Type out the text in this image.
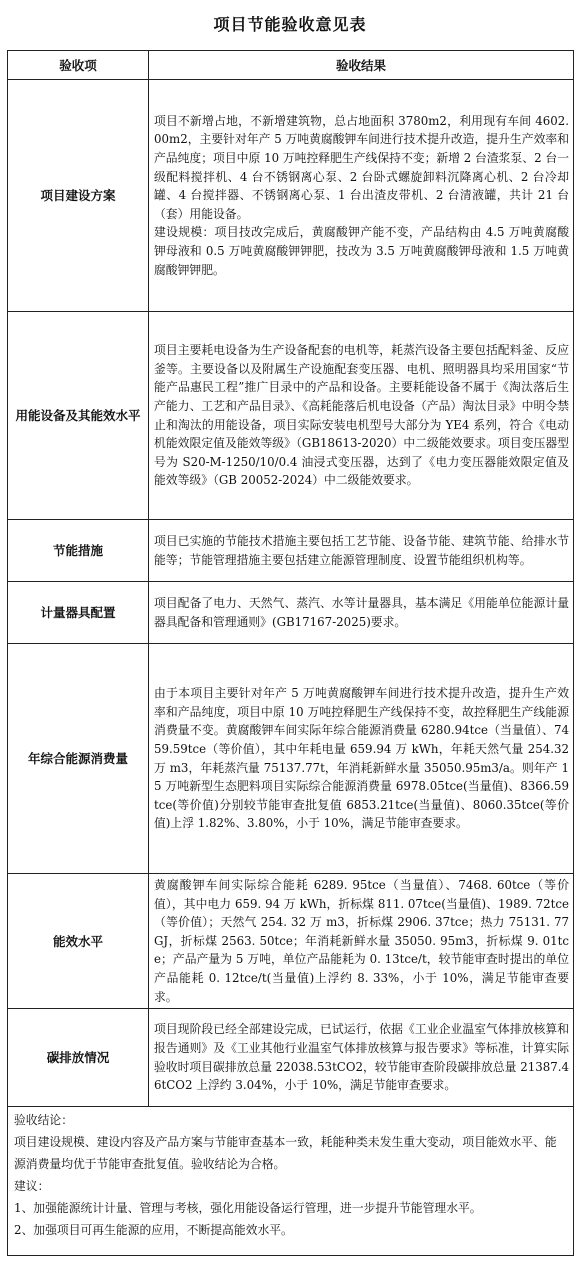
项目节能验收意见表
验收项	验收结果
项目建设方案	项目不新增占地，不新增建筑物，总占地面积 3780m2，利用现有车间 4602.00m2，主要针对年产 5 万吨黄腐酸钾车间进行技术提升改造，提升生产效率和产品纯度；项目中原 10 万吨控释肥生产线保持不变；新增 2 台渣浆泵、2 台一级配料搅拌机、4 台不锈钢离心泵、2 台卧式螺旋卸料沉降离心机、2 台冷却罐、4 台搅拌器、不锈钢离心泵、1 台出渣皮带机、2 台清液罐，共计 21 台（套）用能设备。

建设规模：项目技改完成后，黄腐酸钾产能不变，产品结构由 4.5 万吨黄腐酸钾母液和 0.5 万吨黄腐酸钾钾肥，技改为 3.5 万吨黄腐酸钾母液和 1.5 万吨黄腐酸钾钾肥。

用能设备及其能效水平	项目主要耗电设备为生产设备配套的电机等，耗蒸汽设备主要包括配料釜、反应釜等。主要设备以及附属生产设施配套变压器、电机、照明器具均采用国家“节能产品惠民工程”推广目录中的产品和设备。主要耗能设备不属于《淘汰落后生产能力、工艺和产品目录》、《高耗能落后机电设备（产品）淘汰目录》中明令禁止和淘汰的用能设备，项目实际安装电机型号大部分为 YE4 系列，符合《电动机能效限定值及能效等级》（GB18613-2020）中二级能效要求。项目变压器型号为 S20-M-1250/10/0.4 油浸式变压器，达到了《电力变压器能效限定值及能效等级》（GB 20052-2024）中二级能效要求。

节能措施	项目已实施的节能技术措施主要包括工艺节能、设备节能、建筑节能、给排水节能等；节能管理措施主要包括建立能源管理制度、设置节能组织机构等。

计量器具配置	项目配备了电力、天然气、蒸汽、水等计量器具，基本满足《用能单位能源计量器具配备和管理通则》(GB17167-2025)要求。

年综合能源消费量	由于本项目主要针对年产 5 万吨黄腐酸钾车间进行技术提升改造，提升生产效率和产品纯度，项目中原 10 万吨控释肥生产线保持不变，故控释肥生产线能源消费量不变。黄腐酸钾车间实际年综合能源消费量 6280.94tce（当量值）、7459.59tce（等价值），其中年耗电量 659.94 万 kWh，年耗天然气量 254.32 万 m3，年耗蒸汽量 75137.77t，年消耗新鲜水量 35050.95m3/a。则年产 15 万吨新型生态肥料项目实际综合能源消费量 6978.05tce(当量值)、8366.59tce(等价值)分别较节能审查批复值 6853.21tce(当量值)、8060.35tce(等价值)上浮 1.82%、3.80%，小于 10%，满足节能审查要求。

能效水平	黄腐酸钾车间实际综合能耗 6289. 95tce（当量值）、7468. 60tce（等价值），其中电力 659. 94 万 kWh，折标煤 811. 07tce(当量值)、1989. 72tce（等价值）；天然气 254. 32 万 m3，折标煤 2906. 37tce；热力 75131. 77GJ，折标煤 2563. 50tce；年消耗新鲜水量 35050. 95m3，折标煤 9. 01tce；产品产量为 5 万吨，单位产品能耗为 0. 13tce/t，较节能审查时提出的单位产品能耗 0. 12tce/t(当量值)上浮约 8. 33%，小于 10%，满足节能审查要求。

碳排放情况	项目现阶段已经全部建设完成，已试运行，依据《工业企业温室气体排放核算和报告通则》及《工业其他行业温室气体排放核算与报告要求》等标准，计算实际验收时项目碳排放总量 22038.53tCO2，较节能审查阶段碳排放总量 21387.46tCO2 上浮约 3.04%，小于 10%，满足节能审查要求。

验收结论：

项目建设规模、建设内容及产品方案与节能审查基本一致，耗能种类未发生重大变动，项目能效水平、能源消费量均优于节能审查批复值。验收结论为合格。

建议：

1、加强能源统计计量、管理与考核，强化用能设备运行管理，进一步提升节能管理水平。

2、加强项目可再生能源的应用，不断提高能效水平。	
